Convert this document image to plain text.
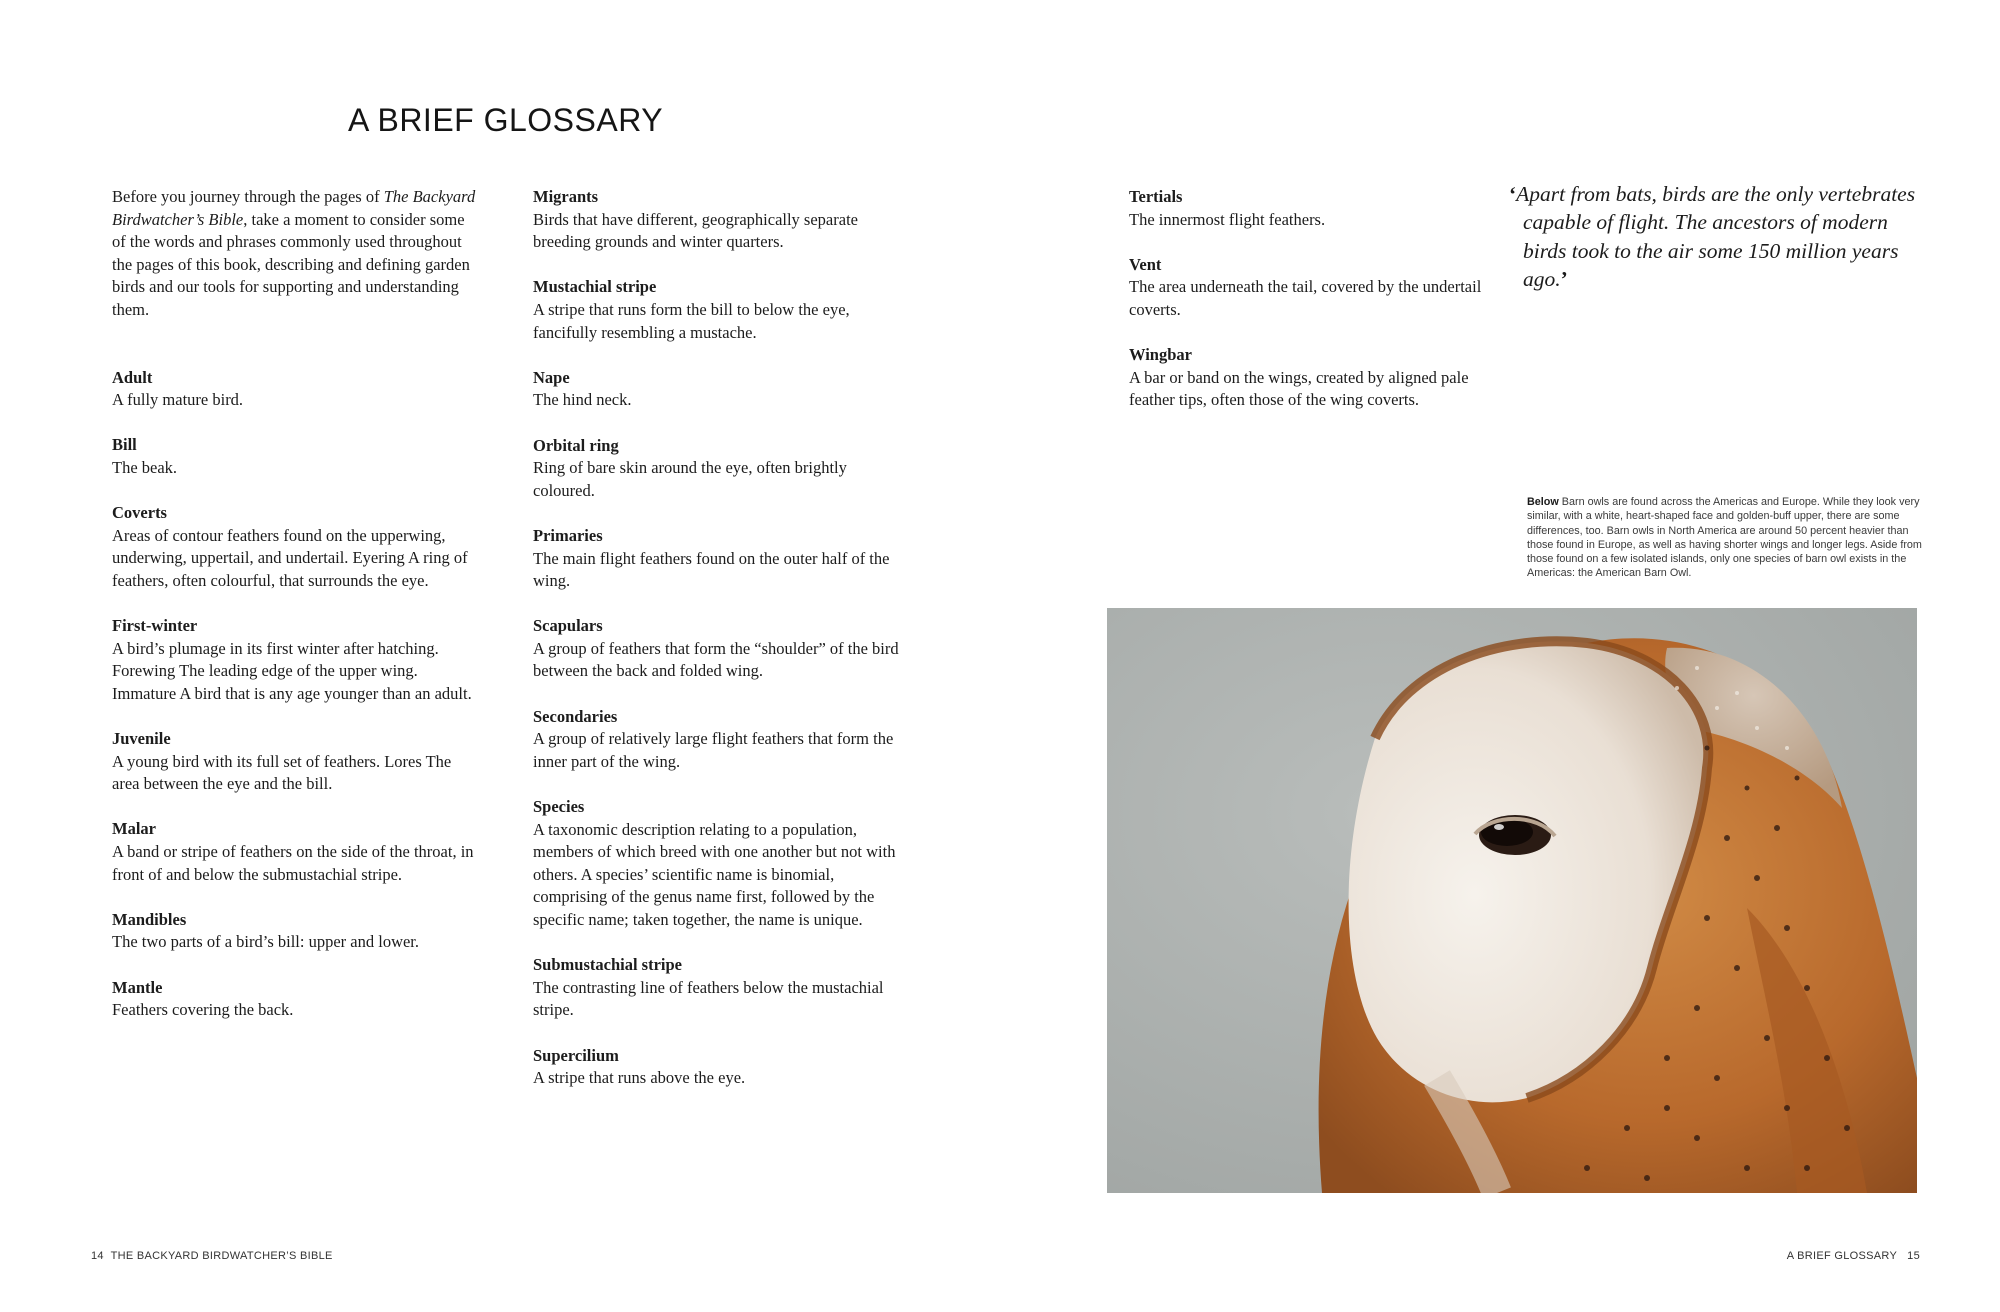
A BRIEF GLOSSARY

Before you journey through the pages of The Backyard Birdwatcher’s Bible, take a moment to consider some of the words and phrases commonly used throughout the pages of this book, describing and defining garden birds and our tools for supporting and understanding them.

Adult
A fully mature bird.
Bill
The beak.
Coverts
Areas of contour feathers found on the upperwing, underwing, uppertail, and undertail. Eyering A ring of feathers, often colourful, that surrounds the eye.
First-winter
A bird’s plumage in its first winter after hatching. Forewing The leading edge of the upper wing. Immature A bird that is any age younger than an adult.
Juvenile
A young bird with its full set of feathers. Lores The area between the eye and the bill.
Malar
A band or stripe of feathers on the side of the throat, in front of and below the submustachial stripe.
Mandibles
The two parts of a bird’s bill: upper and lower.
Mantle
Feathers covering the back.
Migrants
Birds that have different, geographically separate breeding grounds and winter quarters.
Mustachial stripe
A stripe that runs form the bill to below the eye, fancifully resembling a mustache.
Nape
The hind neck.
Orbital ring
Ring of bare skin around the eye, often brightly coloured.
Primaries
The main flight feathers found on the outer half of the wing.
Scapulars
A group of feathers that form the “shoulder” of the bird between the back and folded wing.
Secondaries
A group of relatively large flight feathers that form the inner part of the wing.
Species
A taxonomic description relating to a population, members of which breed with one another but not with others. A species’ scientific name is binomial, comprising of the genus name first, followed by the specific name; taken together, the name is unique.
Submustachial stripe
The contrasting line of feathers below the mustachial stripe.
Supercilium
A stripe that runs above the eye.
Tertials
The innermost flight feathers.
Vent
The area underneath the tail, covered by the undertail coverts.
Wingbar
A bar or band on the wings, created by aligned pale feather tips, often those of the wing coverts.

‘Apart from bats, birds are the only vertebrates capable of flight. The ancestors of modern birds took to the air some 150 million years ago.’

Below Barn owls are found across the Americas and Europe. While they look very similar, with a white, heart-shaped face and golden-buff upper, there are some differences, too. Barn owls in North America are around 50 percent heavier than those found in Europe, as well as having shorter wings and longer legs. Aside from those found on a few isolated islands, only one species of barn owl exists in the Americas: the American Barn Owl.
14 THE BACKYARD BIRDWATCHER’S BIBLE	A BRIEF GLOSSARY 15
